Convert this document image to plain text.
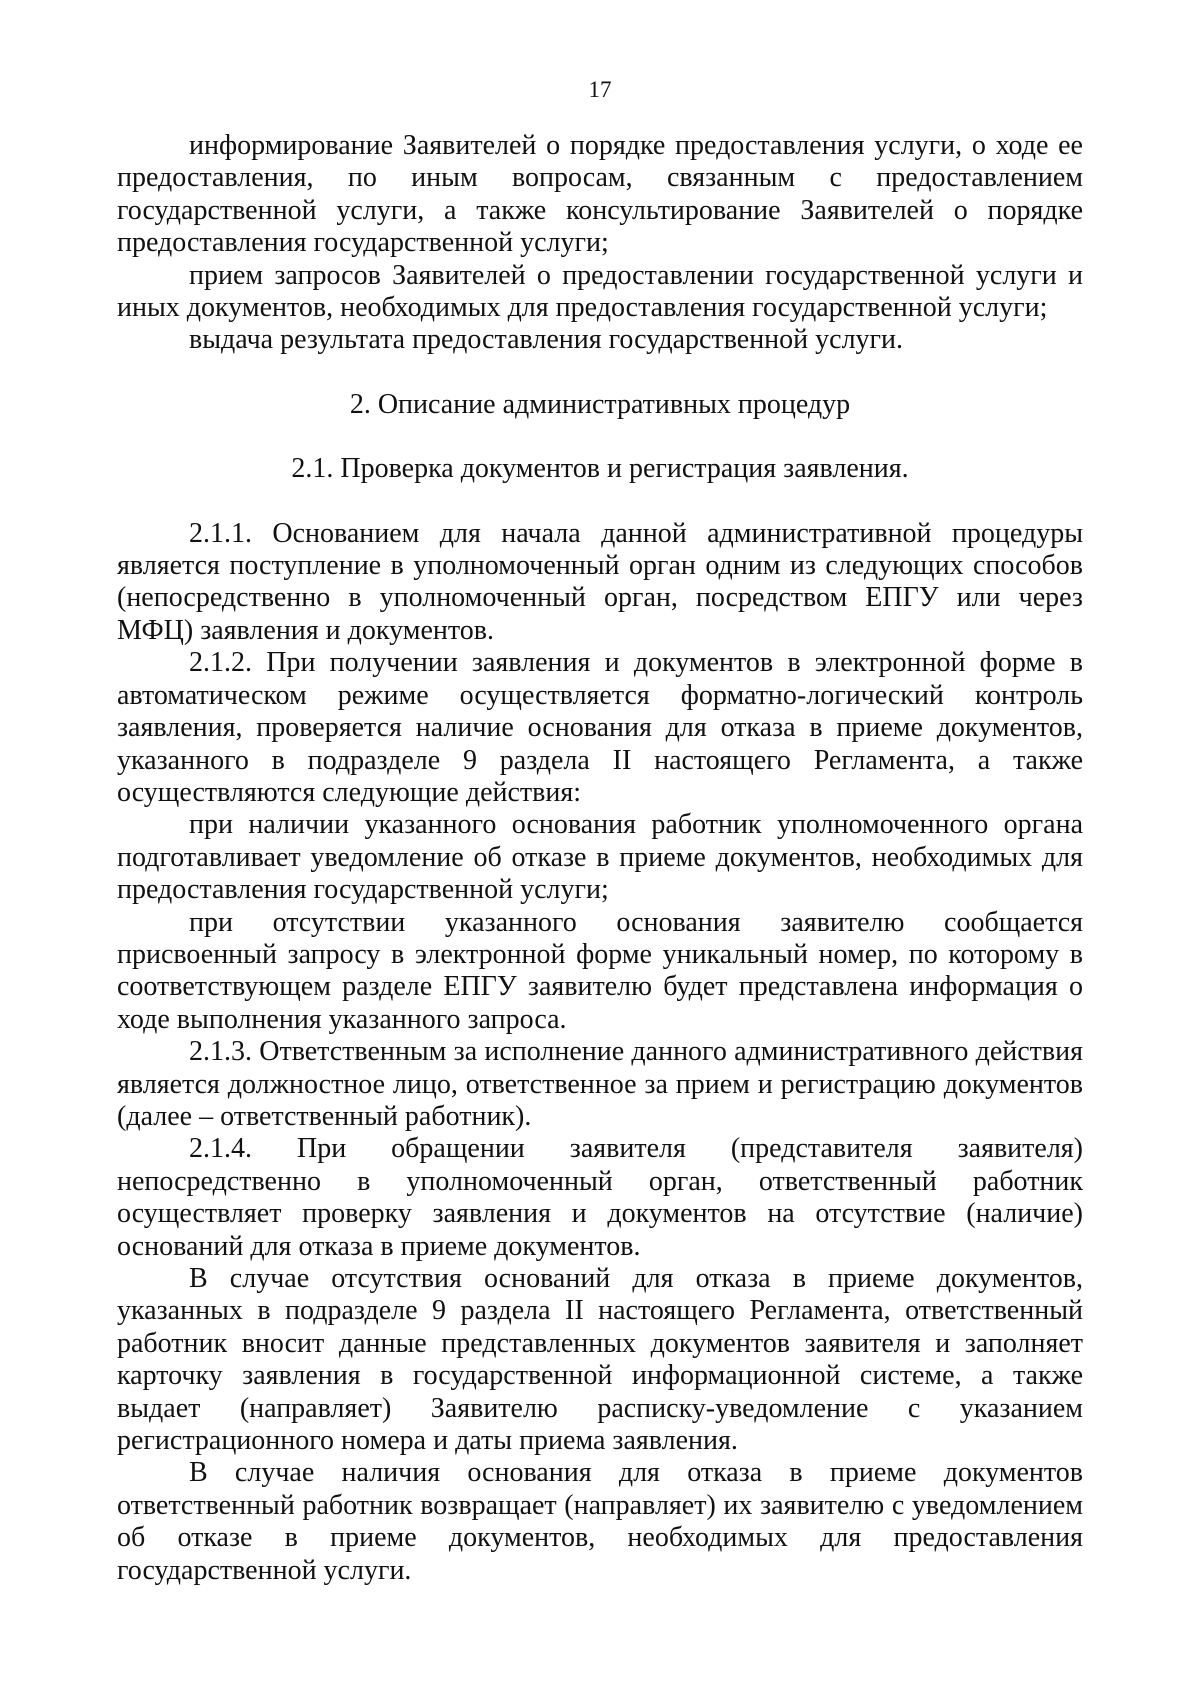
17

информирование Заявителей о порядке предоставления услуги, о ходе ее предоставления, по иным вопросам, связанным с предоставлением государственной услуги, а также консультирование Заявителей о порядке предоставления государственной услуги;

прием запросов Заявителей о предоставлении государственной услуги и иных документов, необходимых для предоставления государственной услуги;

выдача результата предоставления государственной услуги.

2. Описание административных процедур
2.1. Проверка документов и регистрация заявления.

2.1.1. Основанием для начала данной административной процедуры является поступление в уполномоченный орган одним из следующих способов (непосредственно в уполномоченный орган, посредством ЕПГУ или через МФЦ) заявления и документов.

2.1.2. При получении заявления и документов в электронной форме в автоматическом режиме осуществляется форматно-логический контроль заявления, проверяется наличие основания для отказа в приеме документов, указанного в подразделе 9 раздела II настоящего Регламента, а также осуществляются следующие действия:

при наличии указанного основания работник уполномоченного органа подготавливает уведомление об отказе в приеме документов, необходимых для предоставления государственной услуги;

при отсутствии указанного основания заявителю сообщается присвоенный запросу в электронной форме уникальный номер, по которому в соответствующем разделе ЕПГУ заявителю будет представлена информация о ходе выполнения указанного запроса.

2.1.3. Ответственным за исполнение данного административного действия является должностное лицо, ответственное за прием и регистрацию документов (далее – ответственный работник).

2.1.4. При обращении заявителя (представителя заявителя) непосредственно в уполномоченный орган, ответственный работник осуществляет проверку заявления и документов на отсутствие (наличие) оснований для отказа в приеме документов.

В случае отсутствия оснований для отказа в приеме документов, указанных в подразделе 9 раздела II настоящего Регламента, ответственный работник вносит данные представленных документов заявителя и заполняет карточку заявления в государственной информационной системе, а также выдает (направляет) Заявителю расписку-уведомление с указанием регистрационного номера и даты приема заявления.

В случае наличия основания для отказа в приеме документов ответственный работник возвращает (направляет) их заявителю с уведомлением об отказе в приеме документов, необходимых для предоставления государственной услуги.
